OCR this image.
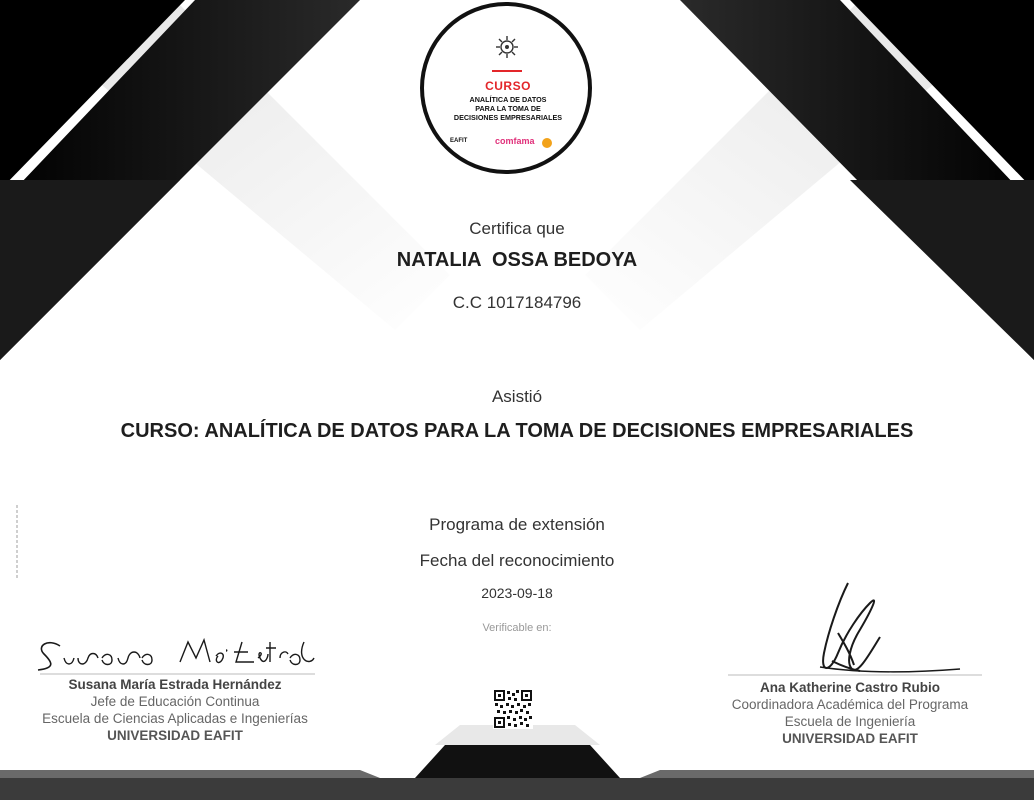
CURSO
ANALÍTICA DE DATOS
PARA LA TOMA DE
DECISIONES EMPRESARIALES
EAFIT	comfama
Certifica que
NATALIA  OSSA BEDOYA
C.C 1017184796
Asistió
CURSO: ANALÍTICA DE DATOS PARA LA TOMA DE DECISIONES EMPRESARIALES
Programa de extensión
Fecha del reconocimiento
2023-09-18
Verificable en:
Susana María Estrada Hernández
Jefe de Educación Continua
Escuela de Ciencias Aplicadas e Ingenierías
UNIVERSIDAD EAFIT
Ana Katherine Castro Rubio
Coordinadora Académica del Programa
Escuela de Ingeniería
UNIVERSIDAD EAFIT
